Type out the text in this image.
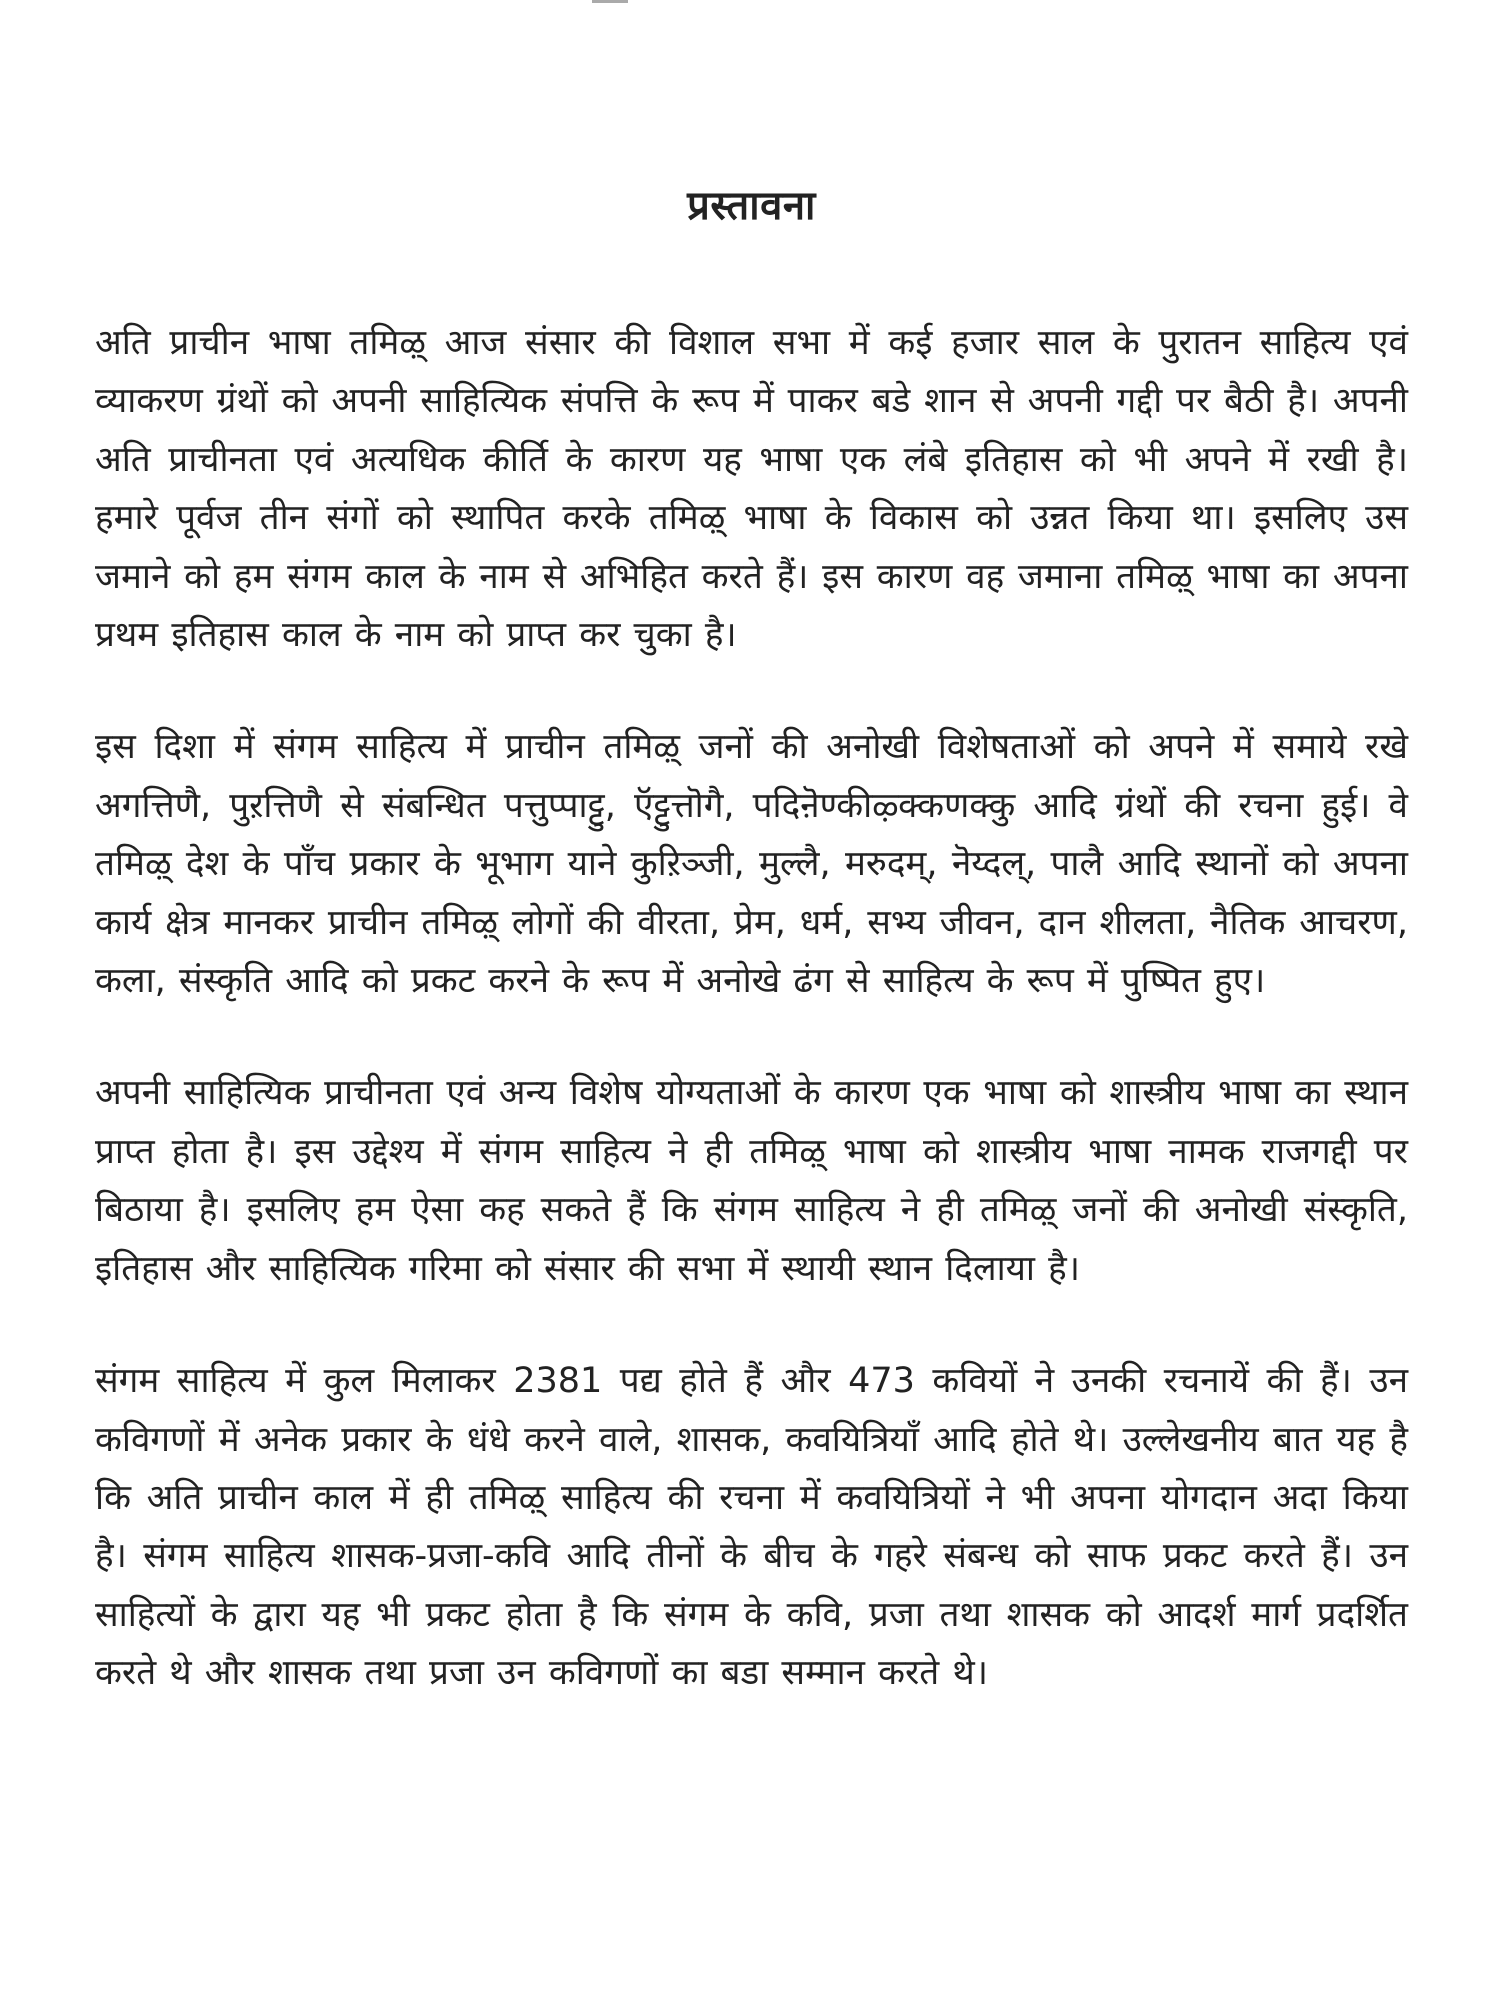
प्रस्तावना

अति प्राचीन भाषा तमिऴ् आज संसार की विशाल सभा में कई हजार साल के पुरातन साहित्य एवं व्याकरण ग्रंथों को अपनी साहित्यिक संपत्ति के रूप में पाकर बडे शान से अपनी गद्दी पर बैठी है। अपनी अति प्राचीनता एवं अत्यधिक कीर्ति के कारण यह भाषा एक लंबे इतिहास को भी अपने में रखी है। हमारे पूर्वज तीन संगों को स्थापित करके तमिऴ् भाषा के विकास को उन्नत किया था। इसलिए उस जमाने को हम संगम काल के नाम से अभिहित करते हैं। इस कारण वह जमाना तमिऴ् भाषा का अपना प्रथम इतिहास काल के नाम को प्राप्त कर चुका है।

इस दिशा में संगम साहित्य में प्राचीन तमिऴ् जनों की अनोखी विशेषताओं को अपने में समाये रखे अगत्तिणै, पुऱत्तिणै से संबन्धित पत्तुप्पाट्टु, ऍट्टुत्तॊगै, पदिऩॆण्कीऴ्क्कणक्कु आदि ग्रंथों की रचना हुई। वे तमिऴ् देश के पाँच प्रकार के भूभाग याने कुऱिञ्जी, मुल्लै, मरुदम्, नॆय्दल्, पालै आदि स्थानों को अपना कार्य क्षेत्र मानकर प्राचीन तमिऴ् लोगों की वीरता, प्रेम, धर्म, सभ्य जीवन, दान शीलता, नैतिक आचरण, कला, संस्कृति आदि को प्रकट करने के रूप में अनोखे ढंग से साहित्य के रूप में पुष्पित हुए।

अपनी साहित्यिक प्राचीनता एवं अन्य विशेष योग्यताओं के कारण एक भाषा को शास्त्रीय भाषा का स्थान प्राप्त होता है। इस उद्देश्य में संगम साहित्य ने ही तमिऴ् भाषा को शास्त्रीय भाषा नामक राजगद्दी पर बिठाया है। इसलिए हम ऐसा कह सकते हैं कि संगम साहित्य ने ही तमिऴ् जनों की अनोखी संस्कृति, इतिहास और साहित्यिक गरिमा को संसार की सभा में स्थायी स्थान दिलाया है।

संगम साहित्य में कुल मिलाकर 2381 पद्य होते हैं और 473 कवियों ने उनकी रचनायें की हैं। उन कविगणों में अनेक प्रकार के धंधे करने वाले, शासक, कवयित्रियाँ आदि होते थे। उल्लेखनीय बात यह है कि अति प्राचीन काल में ही तमिऴ् साहित्य की रचना में कवयित्रियों ने भी अपना योगदान अदा किया है। संगम साहित्य शासक-प्रजा-कवि आदि तीनों के बीच के गहरे संबन्ध को साफ प्रकट करते हैं। उन साहित्यों के द्वारा यह भी प्रकट होता है कि संगम के कवि, प्रजा तथा शासक को आदर्श मार्ग प्रदर्शित करते थे और शासक तथा प्रजा उन कविगणों का बडा सम्मान करते थे।
